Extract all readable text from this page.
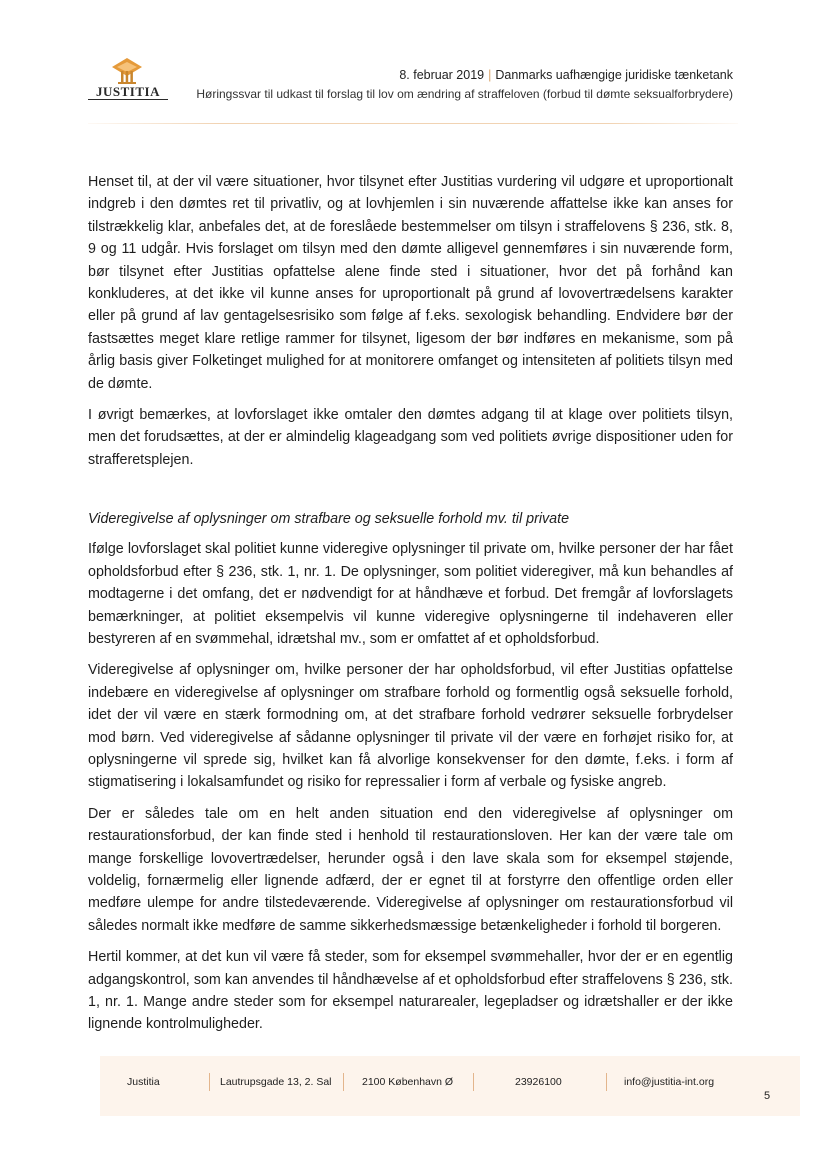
JUSTITIA
8. februar 2019 | Danmarks uafhængige juridiske tænketank
Høringssvar til udkast til forslag til lov om ændring af straffeloven (forbud til dømte seksualforbrydere)

Henset til, at der vil være situationer, hvor tilsynet efter Justitias vurdering vil udgøre et uproportionalt indgreb i den dømtes ret til privatliv, og at lovhjemlen i sin nuværende affattelse ikke kan anses for tilstrækkelig klar, anbefales det, at de foreslåede bestemmelser om tilsyn i straffelovens § 236, stk. 8, 9 og 11 udgår. Hvis forslaget om tilsyn med den dømte alligevel gennemføres i sin nuværende form, bør tilsynet efter Justitias opfattelse alene finde sted i situationer, hvor det på forhånd kan konkluderes, at det ikke vil kunne anses for uproportionalt på grund af lovovertrædelsens karakter eller på grund af lav gentagelsesrisiko som følge af f.eks. sexologisk behandling. Endvidere bør der fastsættes meget klare retlige rammer for tilsynet, ligesom der bør indføres en mekanisme, som på årlig basis giver Folketinget mulighed for at monitorere omfanget og intensiteten af politiets tilsyn med de dømte.

I øvrigt bemærkes, at lovforslaget ikke omtaler den dømtes adgang til at klage over politiets tilsyn, men det forudsættes, at der er almindelig klageadgang som ved politiets øvrige dispositioner uden for strafferetsplejen.

Videregivelse af oplysninger om strafbare og seksuelle forhold mv. til private

Ifølge lovforslaget skal politiet kunne videregive oplysninger til private om, hvilke personer der har fået opholdsforbud efter § 236, stk. 1, nr. 1. De oplysninger, som politiet videregiver, må kun behandles af modtagerne i det omfang, det er nødvendigt for at håndhæve et forbud. Det fremgår af lovforslagets bemærkninger, at politiet eksempelvis vil kunne videregive oplysningerne til indehaveren eller bestyreren af en svømmehal, idrætshal mv., som er omfattet af et opholdsforbud.

Videregivelse af oplysninger om, hvilke personer der har opholdsforbud, vil efter Justitias opfattelse indebære en videregivelse af oplysninger om strafbare forhold og formentlig også seksuelle forhold, idet der vil være en stærk formodning om, at det strafbare forhold vedrører seksuelle forbrydelser mod børn. Ved videregivelse af sådanne oplysninger til private vil der være en forhøjet risiko for, at oplysningerne vil sprede sig, hvilket kan få alvorlige konsekvenser for den dømte, f.eks. i form af stigmatisering i lokalsamfundet og risiko for repressalier i form af verbale og fysiske angreb.

Der er således tale om en helt anden situation end den videregivelse af oplysninger om restaurationsforbud, der kan finde sted i henhold til restaurationsloven. Her kan der være tale om mange forskellige lovovertrædelser, herunder også i den lave skala som for eksempel støjende, voldelig, fornærmelig eller lignende adfærd, der er egnet til at forstyrre den offentlige orden eller medføre ulempe for andre tilstedeværende. Videregivelse af oplysninger om restaurationsforbud vil således normalt ikke medføre de samme sikkerhedsmæssige betænkeligheder i forhold til borgeren.

Hertil kommer, at det kun vil være få steder, som for eksempel svømmehaller, hvor der er en egentlig adgangskontrol, som kan anvendes til håndhævelse af et opholdsforbud efter straffelovens § 236, stk. 1, nr. 1. Mange andre steder som for eksempel naturarealer, legepladser og idrætshaller er der ikke lignende kontrolmuligheder.

Justitia	Lautrupsgade 13, 2. Sal	2100 København Ø	23926100	info@justitia-int.org
5
